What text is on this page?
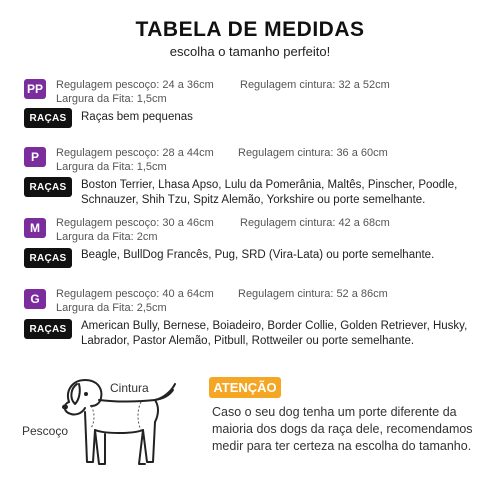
TABELA DE MEDIDAS
escolha o tamanho perfeito!
PP Regulagem pescoço: 24 a 36cm Regulagem cintura: 32 a 52cm
Largura da Fita: 1,5cm
RAÇAS	Raças bem pequenas
P	Regulagem pescoço: 28 a 44cm Regulagem cintura: 36 a 60cm
Largura da Fita: 1,5cm
RAÇAS	Boston Terrier, Lhasa Apso, Lulu da Pomerânia, Maltês, Pinscher, Poodle, Schnauzer, Shih Tzu, Spitz Alemão, Yorkshire ou porte semelhante.
M	Regulagem pescoço: 30 a 46cm Regulagem cintura: 42 a 68cm
Largura da Fita: 2cm
RAÇAS	Beagle, BullDog Francês, Pug, SRD (Vira-Lata) ou porte semelhante.
G	Regulagem pescoço: 40 a 64cm Regulagem cintura: 52 a 86cm
Largura da Fita: 2,5cm
RAÇAS	American Bully, Bernese, Boiadeiro, Border Collie, Golden Retriever, Husky, Labrador, Pastor Alemão, Pitbull, Rottweiler ou porte semelhante.
Cintura
Pescoço
ATENÇÃO
Caso o seu dog tenha um porte diferente da maioria dos dogs da raça dele, recomendamos medir para ter certeza na escolha do tamanho.
